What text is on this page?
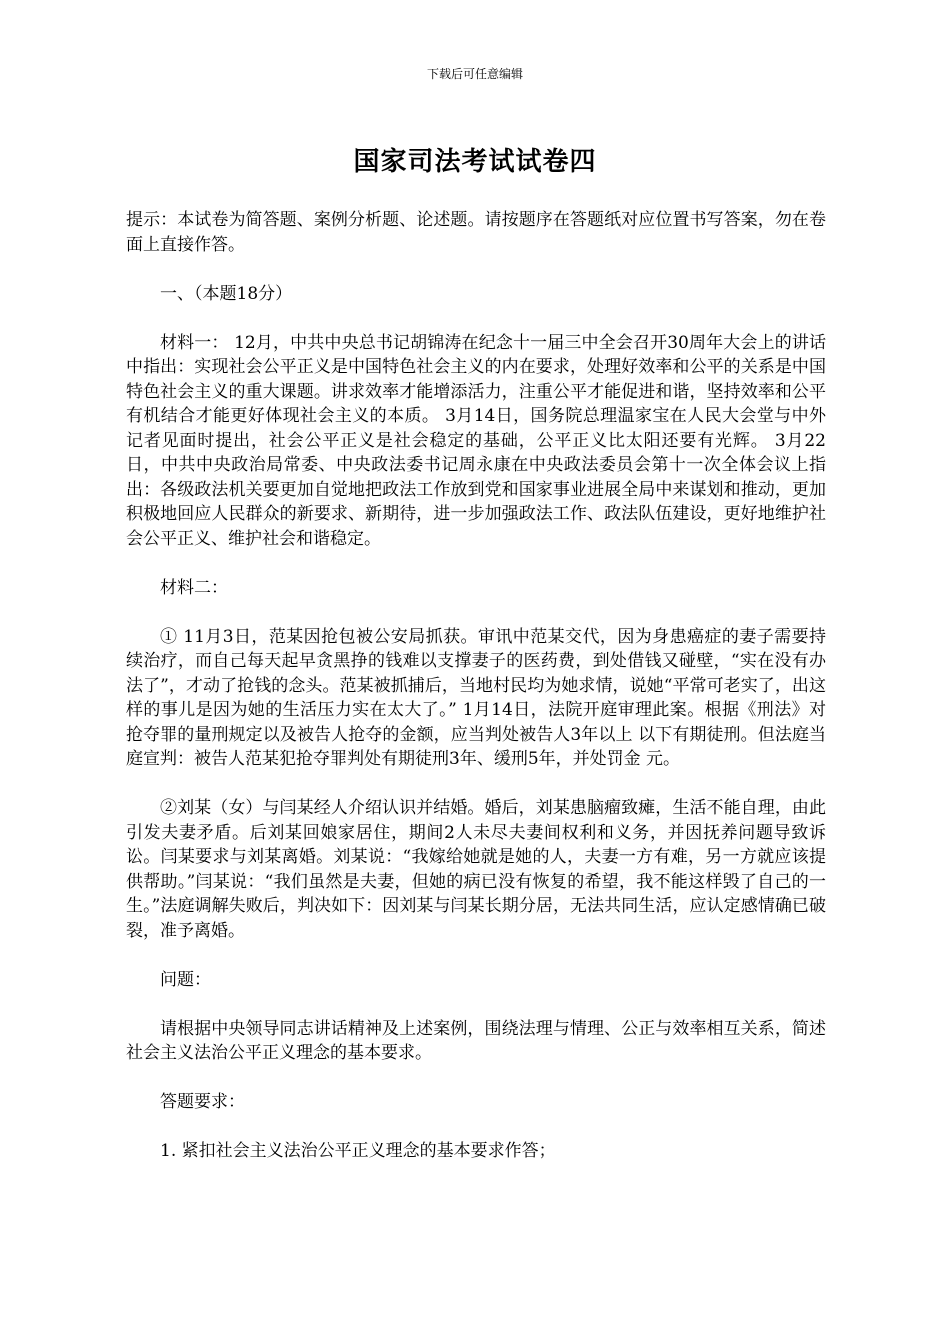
下载后可任意编辑
国家司法考试试卷四

提示：本试卷为简答题、案例分析题、论述题。请按题序在答题纸对应位置书写答案，勿在卷面上直接作答。

一、（本题18分）

材料一： 12月，中共中央总书记胡锦涛在纪念十一届三中全会召开30周年大会上的讲话中指出：实现社会公平正义是中国特色社会主义的内在要求，处理好效率和公平的关系是中国特色社会主义的重大课题。讲求效率才能增添活力，注重公平才能促进和谐，坚持效率和公平有机结合才能更好体现社会主义的本质。 3月14日，国务院总理温家宝在人民大会堂与中外记者见面时提出，社会公平正义是社会稳定的基础，公平正义比太阳还要有光辉。 3月22日，中共中央政治局常委、中央政法委书记周永康在中央政法委员会第十一次全体会议上指出：各级政法机关要更加自觉地把政法工作放到党和国家事业进展全局中来谋划和推动，更加积极地回应人民群众的新要求、新期待，进一步加强政法工作、政法队伍建设，更好地维护社会公平正义、维护社会和谐稳定。

材料二：

① 11月3日，范某因抢包被公安局抓获。审讯中范某交代，因为身患癌症的妻子需要持续治疗，而自己每天起早贪黑挣的钱难以支撑妻子的医药费，到处借钱又碰壁，“实在没有办法了”，才动了抢钱的念头。范某被抓捕后，当地村民均为她求情，说她“平常可老实了，出这样的事儿是因为她的生活压力实在太大了。” 1月14日，法院开庭审理此案。根据《刑法》对抢夺罪的量刑规定以及被告人抢夺的金额，应当判处被告人3年以上 以下有期徒刑。但法庭当庭宣判：被告人范某犯抢夺罪判处有期徒刑3年、缓刑5年，并处罚金 元。

②刘某（女）与闫某经人介绍认识并结婚。婚后，刘某患脑瘤致瘫，生活不能自理，由此引发夫妻矛盾。后刘某回娘家居住，期间2人未尽夫妻间权利和义务，并因抚养问题导致诉讼。闫某要求与刘某离婚。刘某说：“我嫁给她就是她的人，夫妻一方有难，另一方就应该提供帮助。”闫某说：“我们虽然是夫妻，但她的病已没有恢复的希望，我不能这样毁了自己的一生。”法庭调解失败后，判决如下：因刘某与闫某长期分居，无法共同生活，应认定感情确已破裂，准予离婚。

问题：

请根据中央领导同志讲话精神及上述案例，围绕法理与情理、公正与效率相互关系，简述社会主义法治公平正义理念的基本要求。

答题要求：

1. 紧扣社会主义法治公平正义理念的基本要求作答；
